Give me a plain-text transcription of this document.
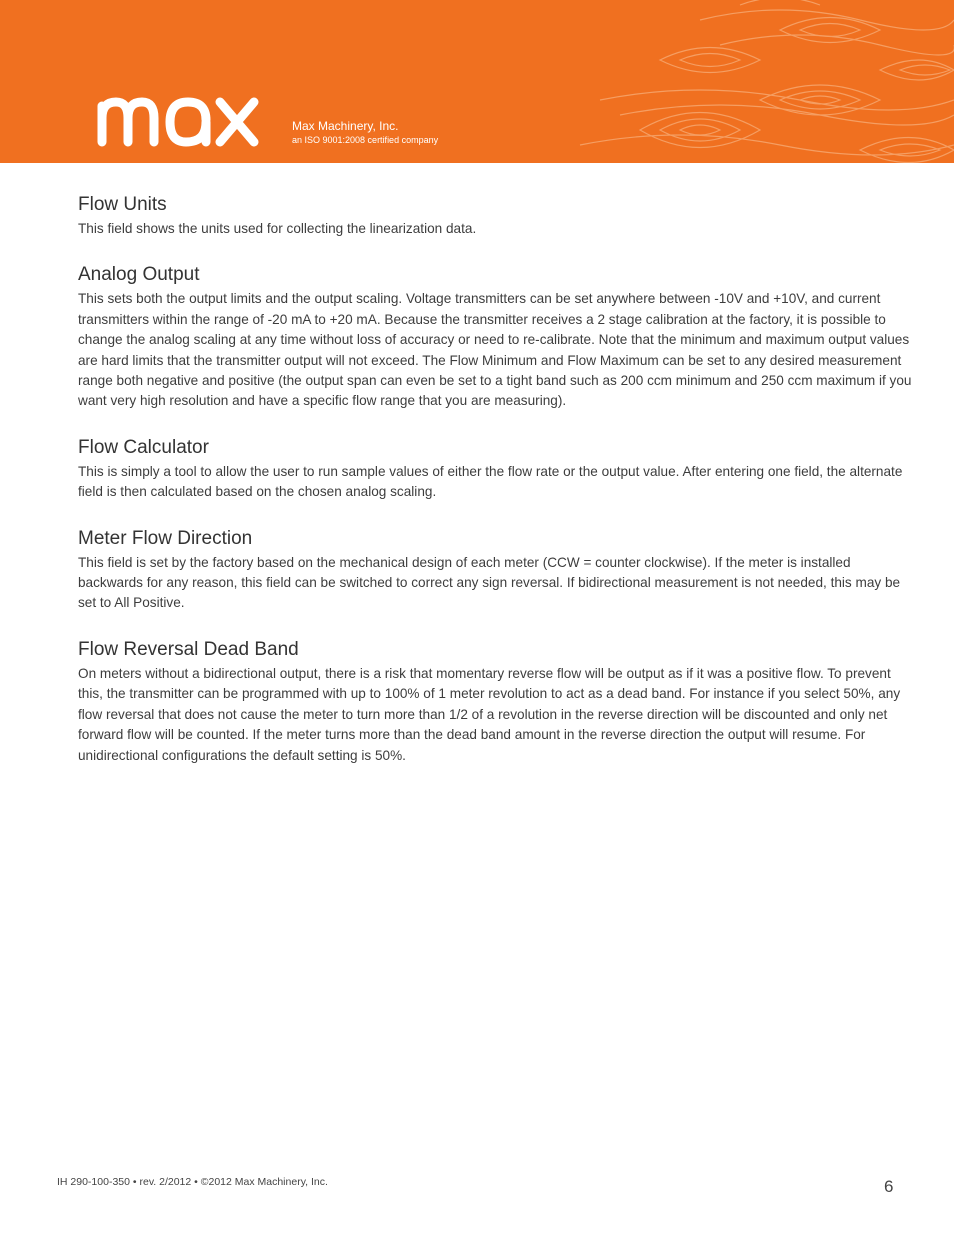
Max Machinery, Inc.
an ISO 9001:2008 certified company
Flow Units

This field shows the units used for collecting the linearization data.

Analog Output

This sets both the output limits and the output scaling. Voltage transmitters can be set anywhere between -10V and +10V, and current transmitters within the range of -20 mA to +20 mA. Because the transmitter receives a 2 stage calibration at the factory, it is possible to change the analog scaling at any time without loss of accuracy or need to re-calibrate. Note that the minimum and maximum output values are hard limits that the transmitter output will not exceed. The Flow Minimum and Flow Maximum can be set to any desired measurement range both negative and positive (the output span can even be set to a tight band such as 200 ccm minimum and 250 ccm maximum if you want very high resolution and have a specific flow range that you are measuring).

Flow Calculator

This is simply a tool to allow the user to run sample values of either the flow rate or the output value. After entering one field, the alternate field is then calculated based on the chosen analog scaling.

Meter Flow Direction

This field is set by the factory based on the mechanical design of each meter (CCW = counter clockwise). If the meter is installed backwards for any reason, this field can be switched to correct any sign reversal. If bidirectional measurement is not needed, this may be set to All Positive.

Flow Reversal Dead Band

On meters without a bidirectional output, there is a risk that momentary reverse flow will be output as if it was a positive flow. To prevent this, the transmitter can be programmed with up to 100% of 1 meter revolution to act as a dead band. For instance if you select 50%, any flow reversal that does not cause the meter to turn more than 1/2 of a revolution in the reverse direction will be discounted and only net forward flow will be counted. If the meter turns more than the dead band amount in the reverse direction the output will resume. For unidirectional configurations the default setting is 50%.

IH 290-100-350 • rev. 2/2012 • ©2012 Max Machinery, Inc.	6
